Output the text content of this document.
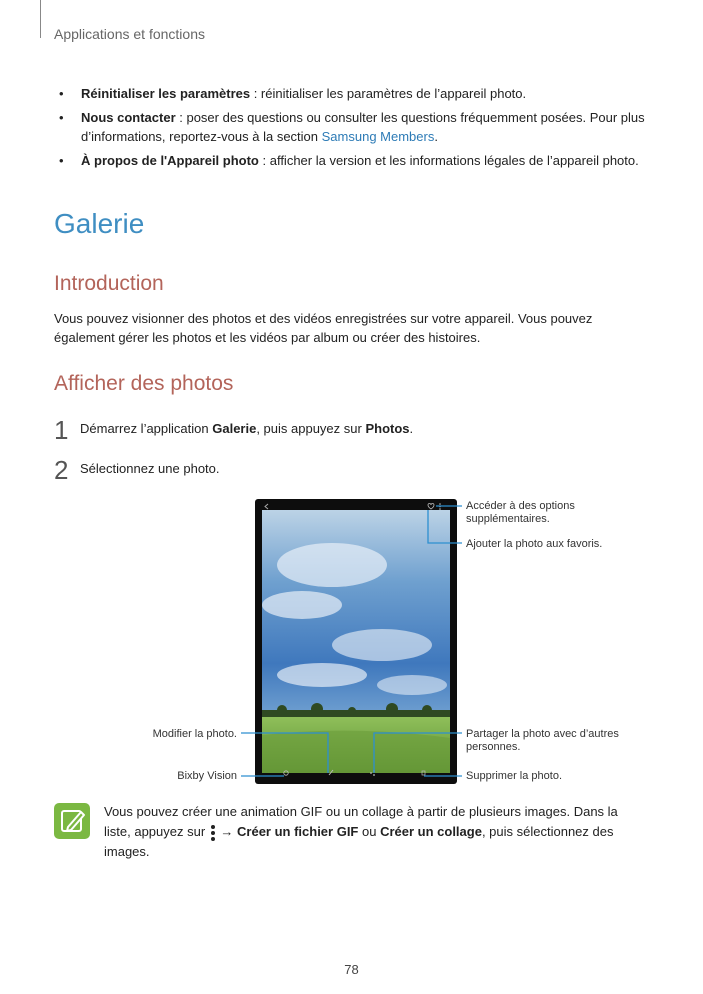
Applications et fonctions
• Réinitialiser les paramètres : réinitialiser les paramètres de l’appareil photo.
• Nous contacter : poser des questions ou consulter les questions fréquemment posées. Pour plus d’informations, reportez-vous à la section Samsung Members.
• À propos de l'Appareil photo : afficher la version et les informations légales de l’appareil photo.
Galerie
Introduction
Vous pouvez visionner des photos et des vidéos enregistrées sur votre appareil. Vous pouvez également gérer les photos et les vidéos par album ou créer des histoires.
Afficher des photos
1 Démarrez l’application Galerie, puis appuyez sur Photos.
2 Sélectionnez une photo.
Accéder à des options supplémentaires.
Ajouter la photo aux favoris.
Partager la photo avec d’autres personnes.
Supprimer la photo.
Modifier la photo.
Bixby Vision
Vous pouvez créer une animation GIF ou un collage à partir de plusieurs images. Dans la liste, appuyez sur
→ Créer un fichier GIF ou Créer un collage, puis sélectionnez des images.
78
